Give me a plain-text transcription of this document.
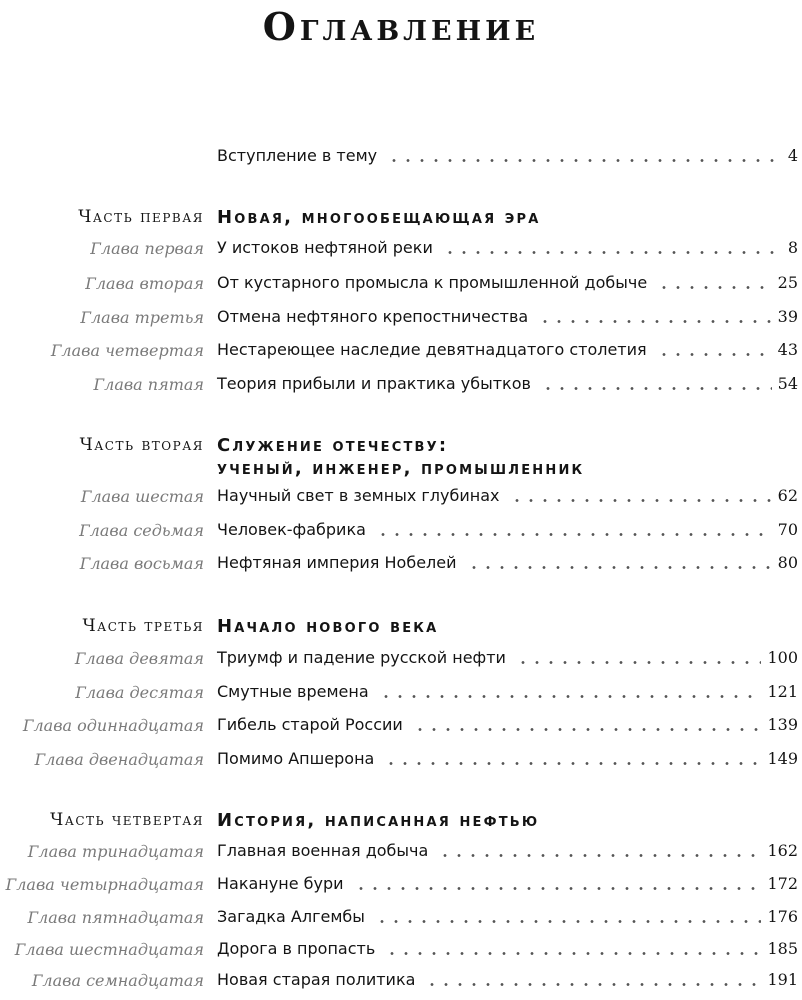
Оглавление
Вступление в тему	4
Часть первая Новая, многообещающая эра
Глава первая У истоков нефтяной реки	8
Глава вторая От кустарного промысла к промышленной добыче	25
Глава третья Отмена нефтяного крепостничества	39
Глава четвертая Нестареющее наследие девятнадцатого столетия	43
Глава пятая Теория прибыли и практика убытков	54
Часть вторая Служение отечеству:
ученый, инженер, промышленник
Глава шестая Научный свет в земных глубинах	62
Глава седьмая Человек-фабрика	70
Глава восьмая Нефтяная империя Нобелей	80
Часть третья Начало нового века
Глава девятая Триумф и падение русской нефти	100
Глава десятая Смутные времена	121
Глава одиннадцатая Гибель старой России	139
Глава двенадцатая Помимо Апшерона	149
Часть четвертая История, написанная нефтью
Глава тринадцатая Главная военная добыча	162
Глава четырнадцатая Накануне бури	172
Глава пятнадцатая Загадка Алгембы	176
Глава шестнадцатая Дорога в пропасть	185
Глава семнадцатая Новая старая политика	191
